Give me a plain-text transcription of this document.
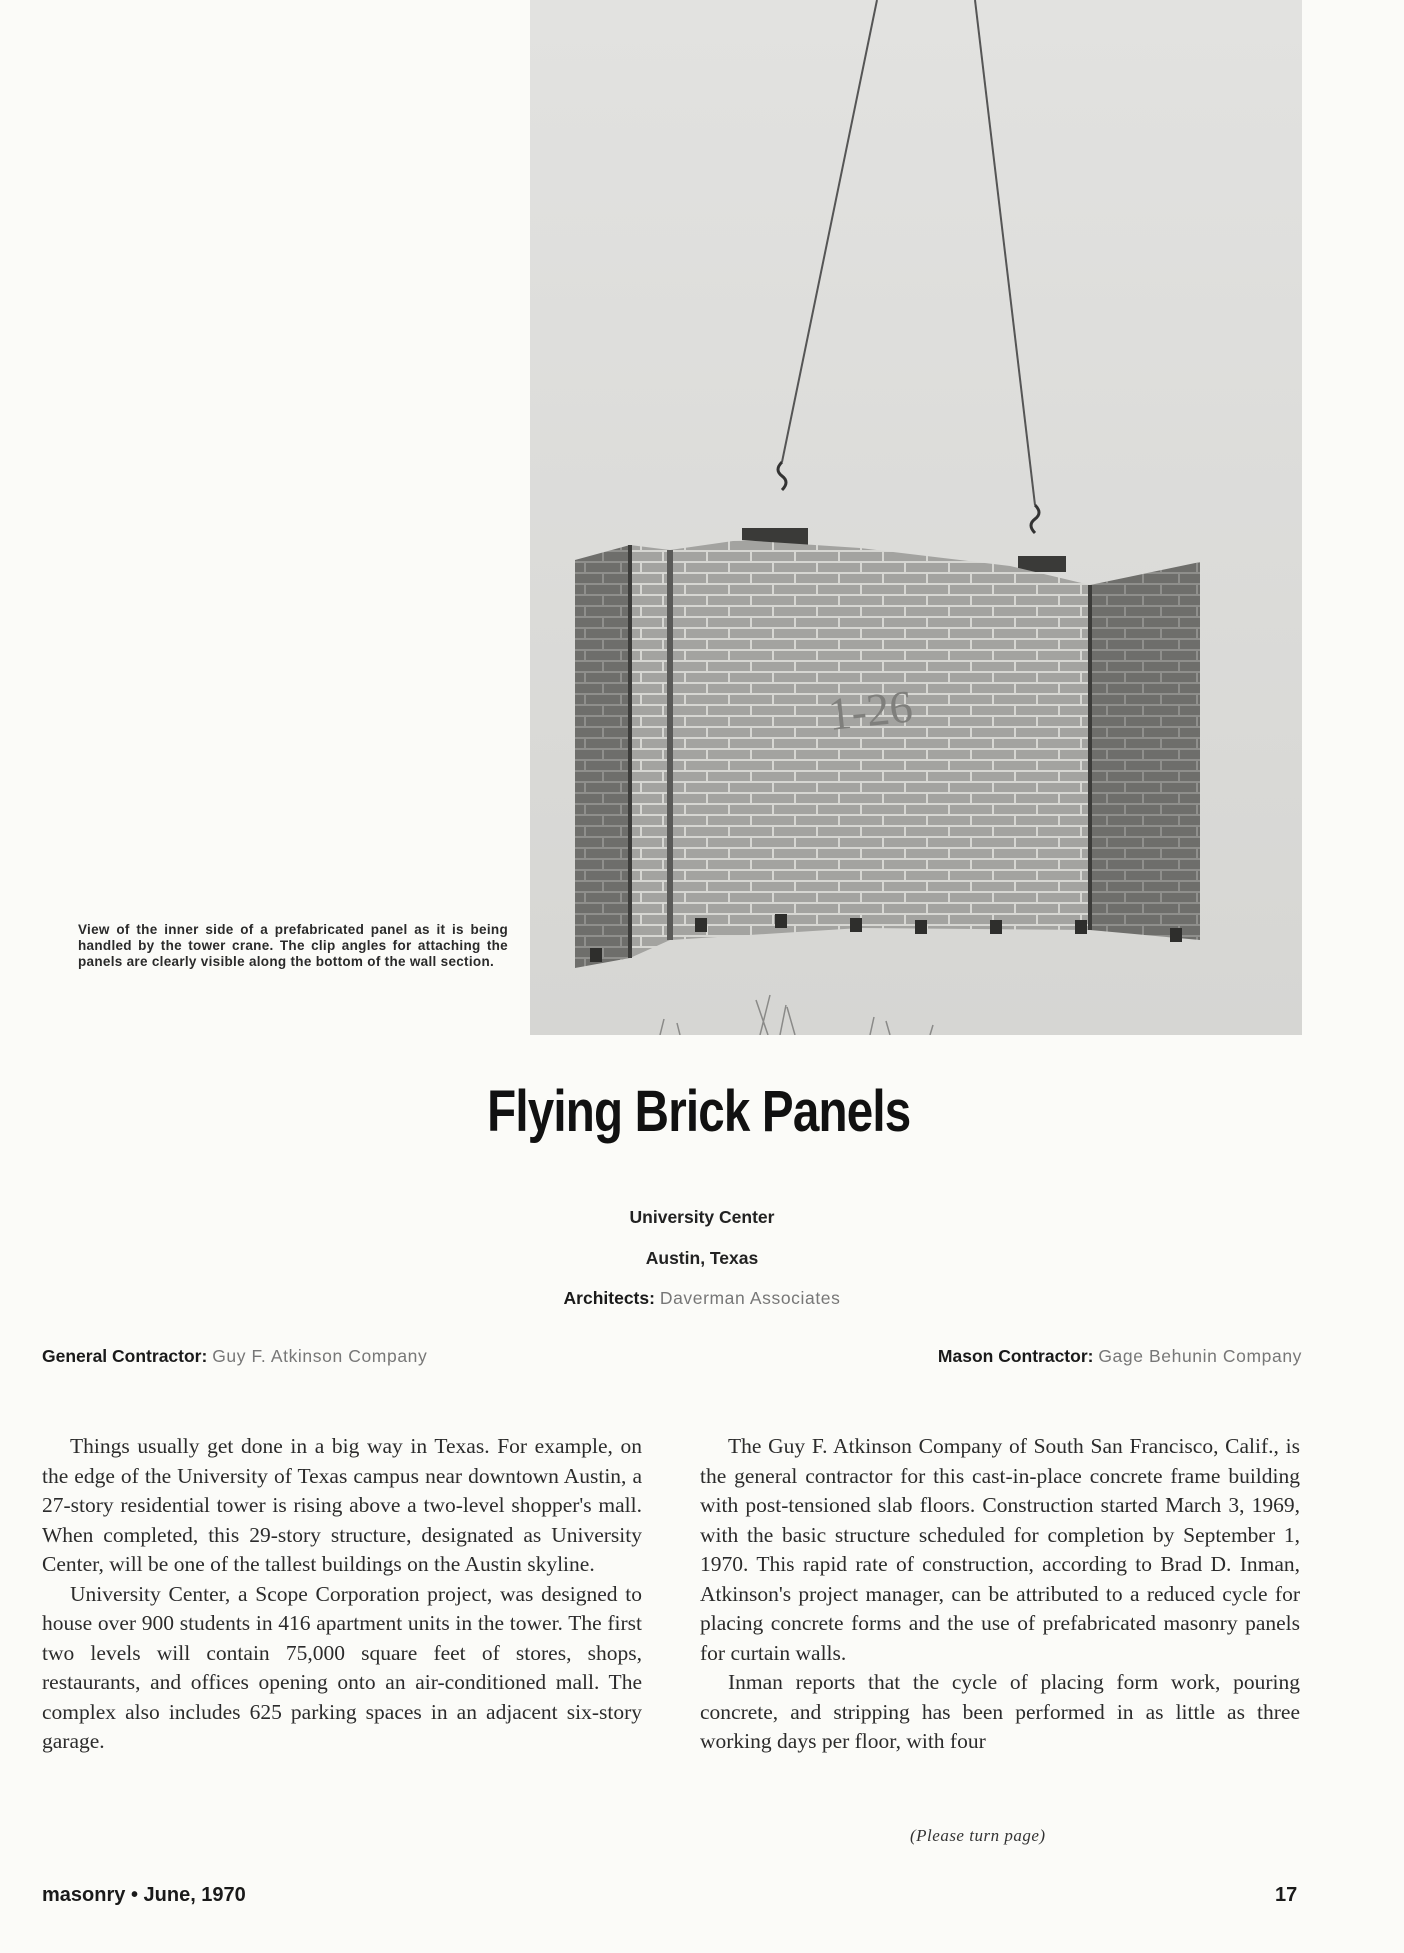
1-26
View of the inner side of a prefabricated panel as it is being handled by the tower crane. The clip angles for attaching the panels are clearly visible along the bottom of the wall section.
Flying Brick Panels
University Center
Austin, Texas
Architects: Daverman Associates
General Contractor: Guy F. Atkinson Company	Mason Contractor: Gage Behunin Company

Things usually get done in a big way in Texas. For example, on the edge of the University of Texas campus near downtown Austin, a 27-story residential tower is rising above a two-level shopper's mall. When completed, this 29-story structure, designated as University Center, will be one of the tallest buildings on the Austin skyline.

University Center, a Scope Corporation project, was designed to house over 900 students in 416 apartment units in the tower. The first two levels will contain 75,000 square feet of stores, shops, restaurants, and offices opening onto an air-conditioned mall. The complex also includes 625 parking spaces in an adjacent six-story garage.

The Guy F. Atkinson Company of South San Francisco, Calif., is the general contractor for this cast-in-place concrete frame building with post-tensioned slab floors. Construction started March 3, 1969, with the basic structure scheduled for completion by September 1, 1970. This rapid rate of construction, according to Brad D. Inman, Atkinson's project manager, can be attributed to a reduced cycle for placing concrete forms and the use of prefabricated masonry panels for curtain walls.

Inman reports that the cycle of placing form work, pouring concrete, and stripping has been performed in as little as three working days per floor, with four

(Please turn page)
masonry • June, 1970	17
